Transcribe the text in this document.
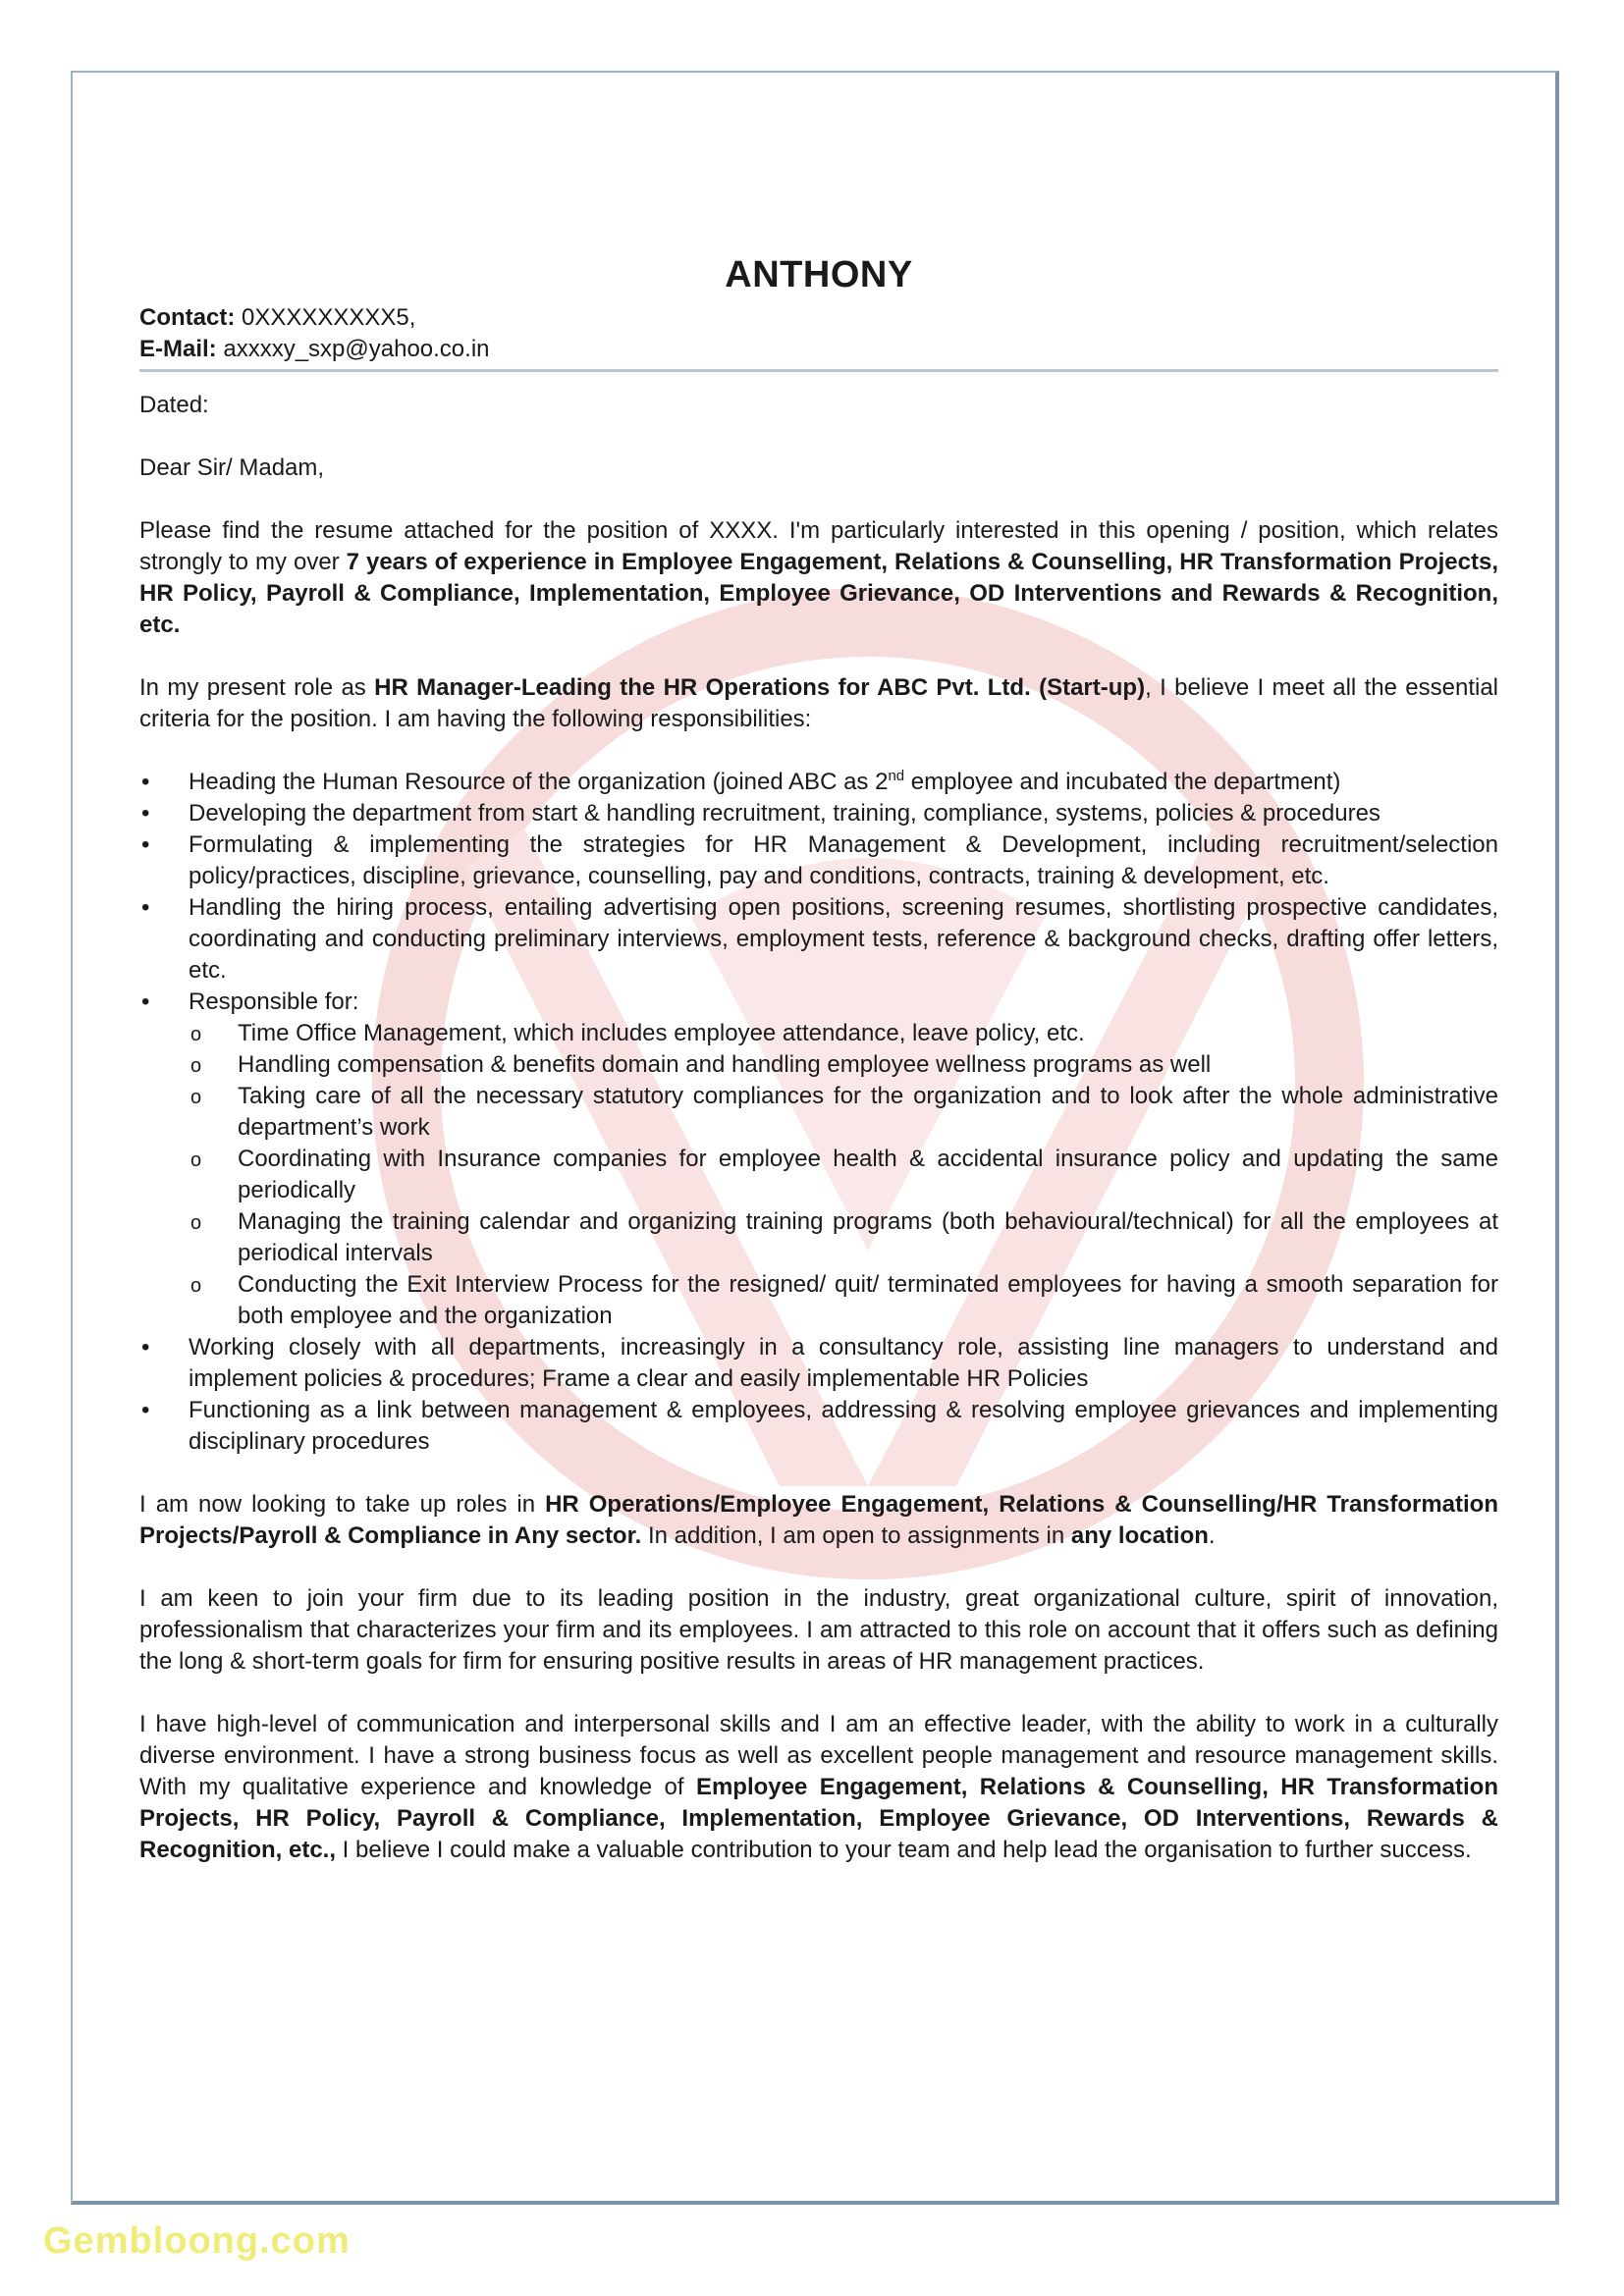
ANTHONY
Contact: 0XXXXXXXXX5,
E-Mail: axxxxy_sxp@yahoo.co.in

Dated:

Dear Sir/ Madam,

Please find the resume attached for the position of XXXX. I'm particularly interested in this opening / position, which relates strongly to my over 7 years of experience in Employee Engagement, Relations & Counselling, HR Transformation Projects, HR Policy, Payroll & Compliance, Implementation, Employee Grievance, OD Interventions and Rewards & Recognition, etc.

In my present role as HR Manager-Leading the HR Operations for ABC Pvt. Ltd. (Start-up), I believe I meet all the essential criteria for the position. I am having the following responsibilities:

• Heading the Human Resource of the organization (joined ABC as 2nd employee and incubated the department)
• Developing the department from start & handling recruitment, training, compliance, systems, policies & procedures
• Formulating & implementing the strategies for HR Management & Development, including recruitment/selection policy/practices, discipline, grievance, counselling, pay and conditions, contracts, training & development, etc.
• Handling the hiring process, entailing advertising open positions, screening resumes, shortlisting prospective candidates, coordinating and conducting preliminary interviews, employment tests, reference & background checks, drafting offer letters, etc.
• Responsible for:
o Time Office Management, which includes employee attendance, leave policy, etc.
o Handling compensation & benefits domain and handling employee wellness programs as well
o Taking care of all the necessary statutory compliances for the organization and to look after the whole administrative department’s work
o Coordinating with Insurance companies for employee health & accidental insurance policy and updating the same periodically
o Managing the training calendar and organizing training programs (both behavioural/technical) for all the employees at periodical intervals
o Conducting the Exit Interview Process for the resigned/ quit/ terminated employees for having a smooth separation for both employee and the organization
• Working closely with all departments, increasingly in a consultancy role, assisting line managers to understand and implement policies & procedures; Frame a clear and easily implementable HR Policies
• Functioning as a link between management & employees, addressing & resolving employee grievances and implementing disciplinary procedures

I am now looking to take up roles in HR Operations/Employee Engagement, Relations & Counselling/HR Transformation Projects/Payroll & Compliance in Any sector. In addition, I am open to assignments in any location.

I am keen to join your firm due to its leading position in the industry, great organizational culture, spirit of innovation, professionalism that characterizes your firm and its employees. I am attracted to this role on account that it offers such as defining the long & short-term goals for firm for ensuring positive results in areas of HR management practices.

I have high-level of communication and interpersonal skills and I am an effective leader, with the ability to work in a culturally diverse environment. I have a strong business focus as well as excellent people management and resource management skills. With my qualitative experience and knowledge of Employee Engagement, Relations & Counselling, HR Transformation Projects, HR Policy, Payroll & Compliance, Implementation, Employee Grievance, OD Interventions, Rewards & Recognition, etc., I believe I could make a valuable contribution to your team and help lead the organisation to further success.

Gembloong.com
